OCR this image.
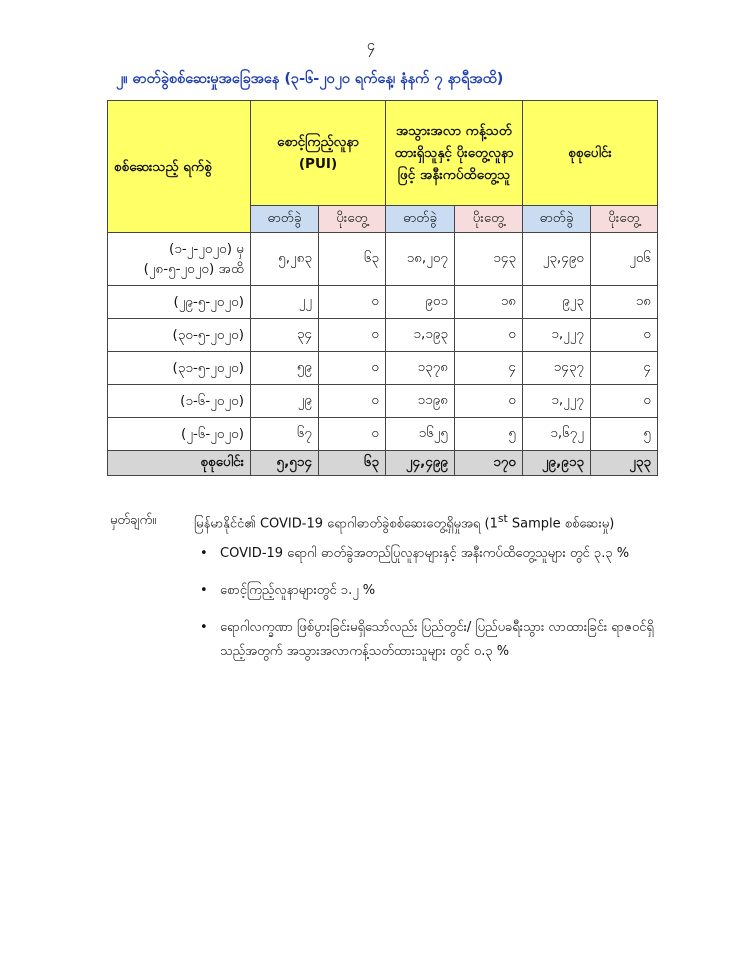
၄
၂။ ဓာတ်ခွဲစစ်ဆေးမှုအခြေအနေ (၃-၆-၂၀၂၀ ရက်နေ့၊ နံနက် ၇ နာရီအထိ)
စစ်ဆေးသည့် ရက်စွဲ	စောင့်ကြည့်လူနာ (PUI)		အသွားအလာ ကန့်သတ်ထားရှိသူနှင့် ပိုးတွေ့လူနာဖြင့် အနီးကပ်ထိတွေ့သူ		စုစုပေါင်း	
	ဓာတ်ခွဲ	ပိုးတွေ့	ဓာတ်ခွဲ	ပိုးတွေ့	ဓာတ်ခွဲ	ပိုးတွေ့

(၁-၂-၂၀၂၀) မှ
(၂၈-၅-၂၀၂၀) အထိ	၅,၂၈၃	၆၃	၁၈,၂၀၇	၁၄၃	၂၃,၄၉၀	၂၀၆
(၂၉-၅-၂၀၂၀)	၂၂	၀	၉၀၁	၁၈	၉၂၃	၁၈
(၃၀-၅-၂၀၂၀)	၃၄	၀	၁,၁၉၃	၀	၁,၂၂၇	၀
(၃၁-၅-၂၀၂၀)	၅၉	၀	၁၃၇၈	၄	၁၄၃၇	၄
(၁-၆-၂၀၂၀)	၂၉	၀	၁၁၉၈	၀	၁,၂၂၇	၀
(၂-၆-၂၀၂၀)	၆၇	၀	၁၆၂၅	၅	၁,၆၇၂	၅
စုစုပေါင်း	၅,၅၁၄	၆၃	၂၄,၄၉၉	၁၇၀	၂၉,၉၁၃	၂၃၃
မှတ်ချက်။	မြန်မာနိုင်ငံ၏ COVID-19 ရောဂါဓာတ်ခွဲစစ်ဆေးတွေ့ရှိမှုအရ (1st Sample စစ်ဆေးမှု)
• COVID-19 ရောဂါ ဓာတ်ခွဲအတည်ပြုလူနာများနှင့် အနီးကပ်ထိတွေ့သူများ တွင် ၃.၃ %
• စောင့်ကြည့်လူနာများတွင် ၁.၂ %
• ရောဂါလက္ခဏာ ဖြစ်ပွားခြင်းမရှိသော်လည်း ပြည်တွင်း/ ပြည်ပခရီးသွား လာထားခြင်း ရာဇဝင်ရှိသည့်အတွက် အသွားအလာကန့်သတ်ထားသူများ တွင် ၀.၃ %
